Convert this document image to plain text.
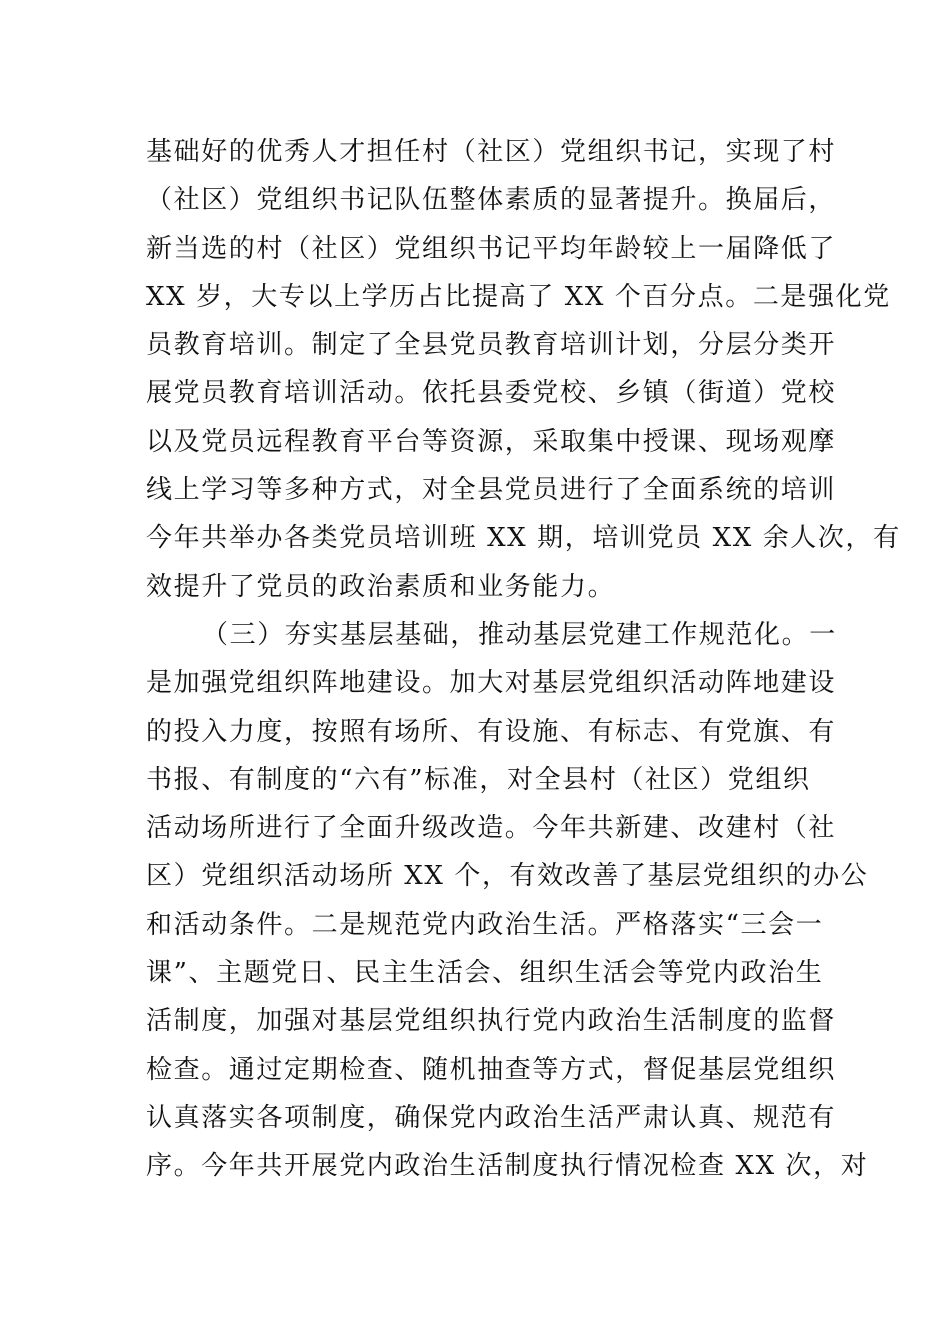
基础好的优秀人才担任村（社区）党组织书记，实现了村
（社区）党组织书记队伍整体素质的显著提升。换届后，
新当选的村（社区）党组织书记平均年龄较上一届降低了
XX 岁，大专以上学历占比提高了 XX 个百分点。二是强化党
员教育培训。制定了全县党员教育培训计划，分层分类开
展党员教育培训活动。依托县委党校、乡镇（街道）党校
以及党员远程教育平台等资源，采取集中授课、现场观摩
线上学习等多种方式，对全县党员进行了全面系统的培训
今年共举办各类党员培训班 XX 期，培训党员 XX 余人次，有
效提升了党员的政治素质和业务能力。
（三）夯实基层基础，推动基层党建工作规范化。一
是加强党组织阵地建设。加大对基层党组织活动阵地建设
的投入力度，按照有场所、有设施、有标志、有党旗、有
书报、有制度的“六有”标准，对全县村（社区）党组织
活动场所进行了全面升级改造。今年共新建、改建村（社
区）党组织活动场所 XX 个，有效改善了基层党组织的办公
和活动条件。二是规范党内政治生活。严格落实“三会一
课”、主题党日、民主生活会、组织生活会等党内政治生
活制度，加强对基层党组织执行党内政治生活制度的监督
检查。通过定期检查、随机抽查等方式，督促基层党组织
认真落实各项制度，确保党内政治生活严肃认真、规范有
序。今年共开展党内政治生活制度执行情况检查 XX 次，对
